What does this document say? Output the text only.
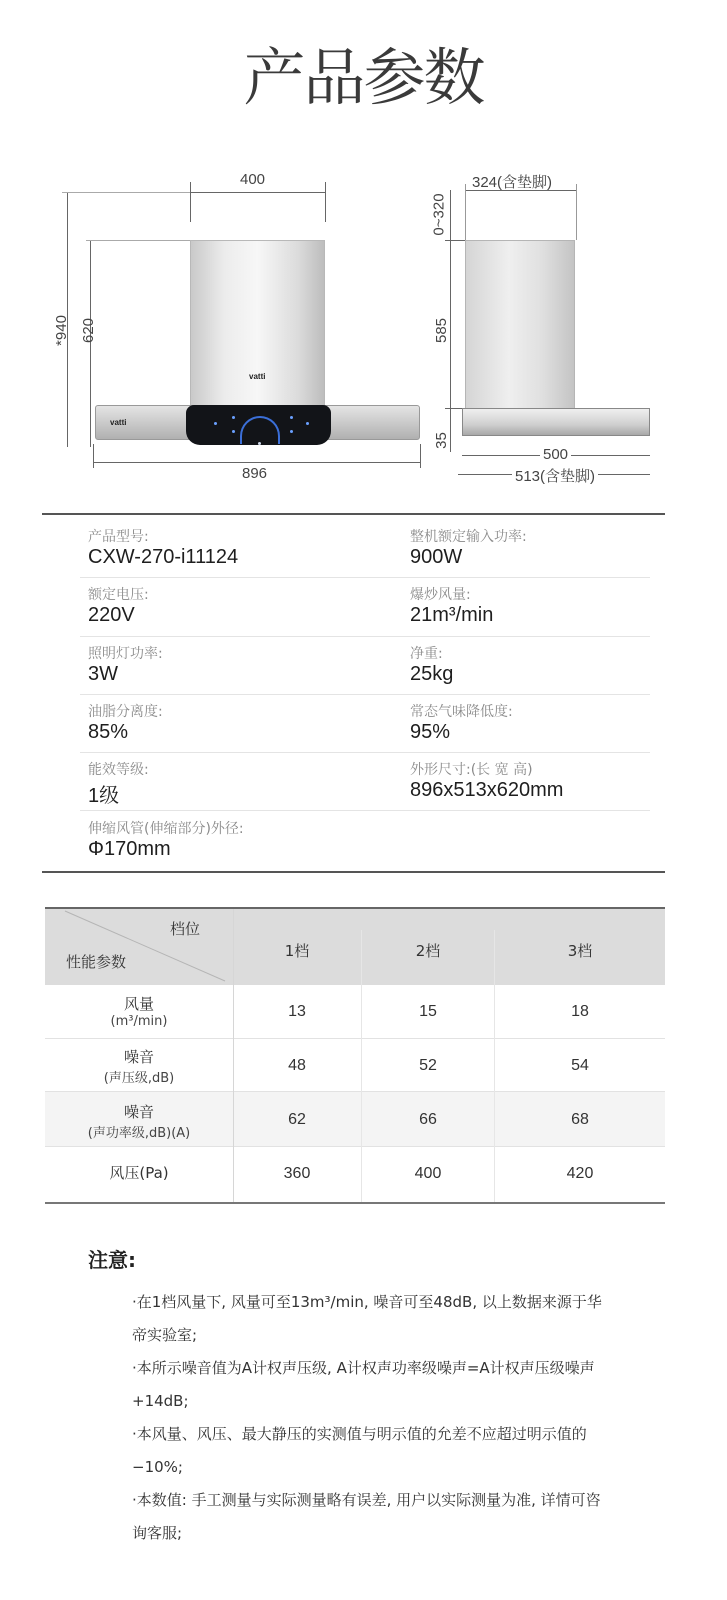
产品参数
400
*940 620
896
vatti
vatti
324(含垫脚)
0~320
585
35
500
513(含垫脚)
产品型号:
CXW-270-i11124
整机额定输入功率:
900W
额定电压:
220V
爆炒风量:
21m³/min
照明灯功率:
3W
净重:
25kg
油脂分离度:
85%
常态气味降低度:
95%
能效等级:
1级
外形尺寸:(长 宽 高)
896x513x620mm
伸缩风管(伸缩部分)外径:
Φ170mm
档位
性能参数
1档	2档	3档
风量
(m³/min)
13	15	18
噪音
(声压级,dB)
48	52	54
噪音
(声功率级,dB)(A)
62	66	68
风压(Pa)	360	400	420
注意:
·在1档风量下, 风量可至13m³/min, 噪音可至48dB, 以上数据来源于华帝实验室;
·本所示噪音值为A计权声压级, A计权声功率级噪声=A计权声压级噪声+14dB;
·本风量、风压、最大静压的实测值与明示值的允差不应超过明示值的−10%;
·本数值: 手工测量与实际测量略有误差, 用户以实际测量为准, 详情可咨询客服;
